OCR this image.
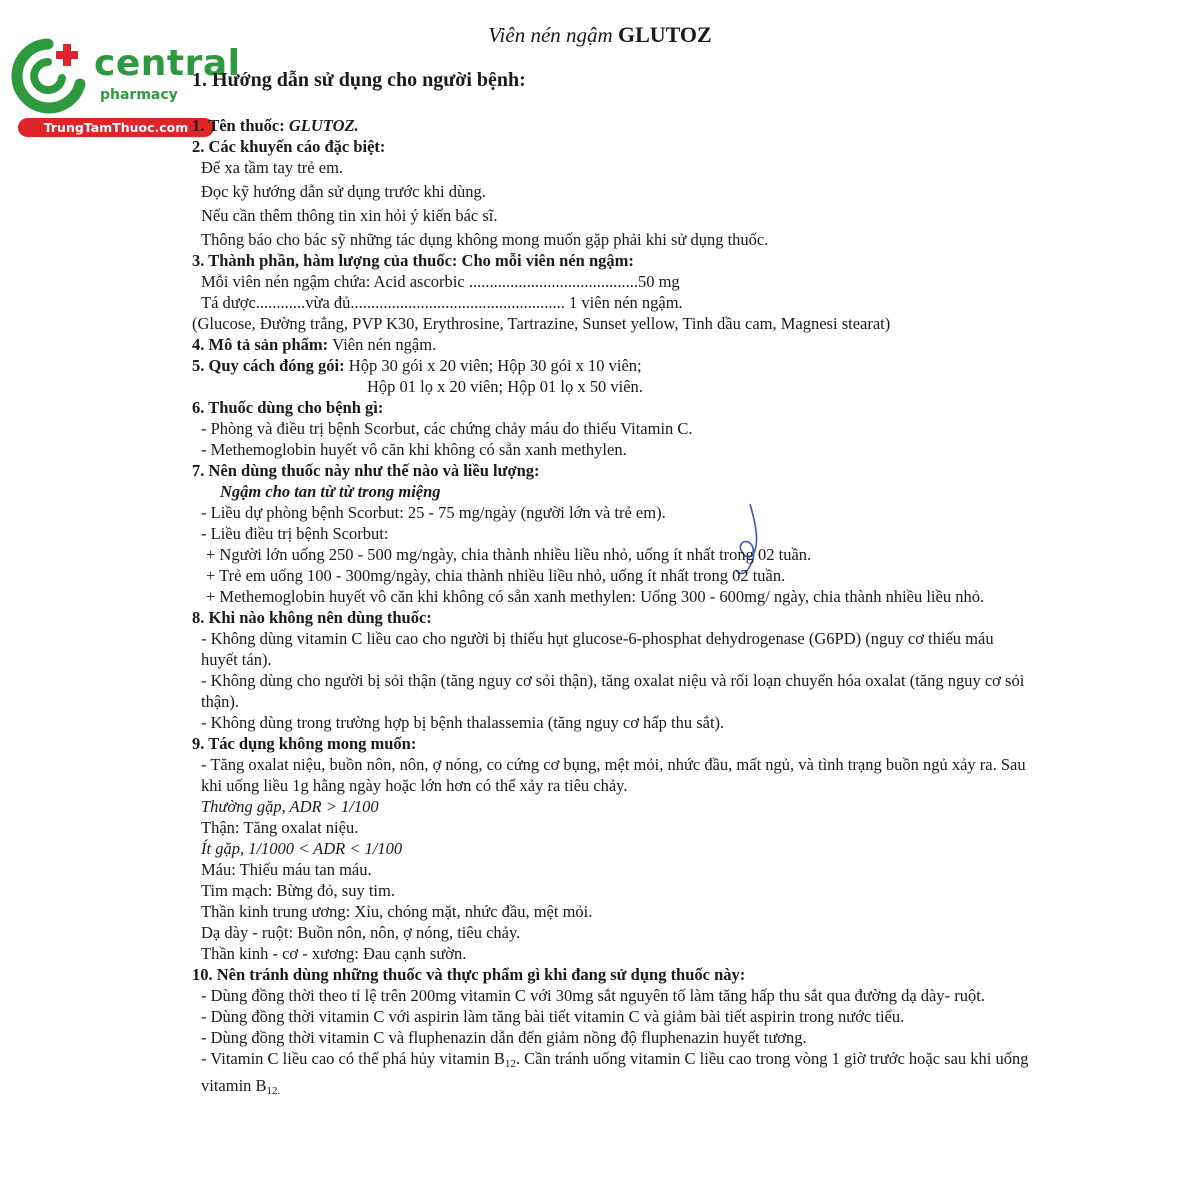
Viên nén ngậm GLUTOZ
central
pharmacy
TrungTamThuoc.com

1. Hướng dẫn sử dụng cho người bệnh:

1. Tên thuốc: GLUTOZ.

2. Các khuyến cáo đặc biệt:

Để xa tầm tay trẻ em.

Đọc kỹ hướng dẫn sử dụng trước khi dùng.

Nếu cần thêm thông tin xin hỏi ý kiến bác sĩ.

Thông báo cho bác sỹ những tác dụng không mong muốn gặp phải khi sử dụng thuốc.

3. Thành phần, hàm lượng của thuốc: Cho mỗi viên nén ngậm:

Mỗi viên nén ngậm chứa: Acid ascorbic .........................................50 mg

Tá dược............vừa đủ.................................................... 1 viên nén ngậm.

(Glucose, Đường trắng, PVP K30, Erythrosine, Tartrazine, Sunset yellow, Tinh dầu cam, Magnesi stearat)

4. Mô tả sản phẩm: Viên nén ngậm.

5. Quy cách đóng gói: Hộp 30 gói x 20 viên; Hộp 30 gói x 10 viên;

Hộp 01 lọ x 20 viên; Hộp 01 lọ x 50 viên.

6. Thuốc dùng cho bệnh gì:

- Phòng và điều trị bệnh Scorbut, các chứng chảy máu do thiếu Vitamin C.

- Methemoglobin huyết vô căn khi không có sẵn xanh methylen.

7. Nên dùng thuốc này như thế nào và liều lượng:

Ngậm cho tan từ từ trong miệng

- Liều dự phòng bệnh Scorbut: 25 - 75 mg/ngày (người lớn và trẻ em).

- Liều điều trị bệnh Scorbut:

+ Người lớn uống 250 - 500 mg/ngày, chia thành nhiều liều nhỏ, uống ít nhất trong 02 tuần.

+ Trẻ em uống 100 - 300mg/ngày, chia thành nhiều liều nhỏ, uống ít nhất trong 02 tuần.

+ Methemoglobin huyết vô căn khi không có sẵn xanh methylen: Uống 300 - 600mg/ ngày, chia thành nhiều liều nhỏ.

8. Khi nào không nên dùng thuốc:

- Không dùng vitamin C liều cao cho người bị thiếu hụt glucose-6-phosphat dehydrogenase (G6PD) (nguy cơ thiếu máu huyết tán).

- Không dùng cho người bị sỏi thận (tăng nguy cơ sỏi thận), tăng oxalat niệu và rối loạn chuyển hóa oxalat (tăng nguy cơ sỏi thận).

- Không dùng trong trường hợp bị bệnh thalassemia (tăng nguy cơ hấp thu sắt).

9. Tác dụng không mong muốn:

- Tăng oxalat niệu, buồn nôn, nôn, ợ nóng, co cứng cơ bụng, mệt mỏi, nhức đầu, mất ngủ, và tình trạng buồn ngủ xảy ra. Sau khi uống liều 1g hằng ngày hoặc lớn hơn có thể xảy ra tiêu chảy.

Thường gặp, ADR > 1/100

Thận: Tăng oxalat niệu.

Ít gặp, 1/1000 < ADR < 1/100

Máu: Thiếu máu tan máu.

Tim mạch: Bừng đỏ, suy tim.

Thần kinh trung ương: Xỉu, chóng mặt, nhức đầu, mệt mỏi.

Dạ dày - ruột: Buồn nôn, nôn, ợ nóng, tiêu chảy.

Thần kinh - cơ - xương: Đau cạnh sườn.

10. Nên tránh dùng những thuốc và thực phẩm gì khi đang sử dụng thuốc này:

- Dùng đồng thời theo tỉ lệ trên 200mg vitamin C với 30mg sắt nguyên tố làm tăng hấp thu sắt qua đường dạ dày- ruột.

- Dùng đồng thời vitamin C với aspirin làm tăng bài tiết vitamin C và giảm bài tiết aspirin trong nước tiểu.

- Dùng đồng thời vitamin C và fluphenazin dẫn đến giảm nồng độ fluphenazin huyết tương.

- Vitamin C liều cao có thể phá hủy vitamin $B_{12}$. Cần tránh uống vitamin C liều cao trong vòng 1 giờ trước hoặc sau khi uống vitamin $B_{12.}$
